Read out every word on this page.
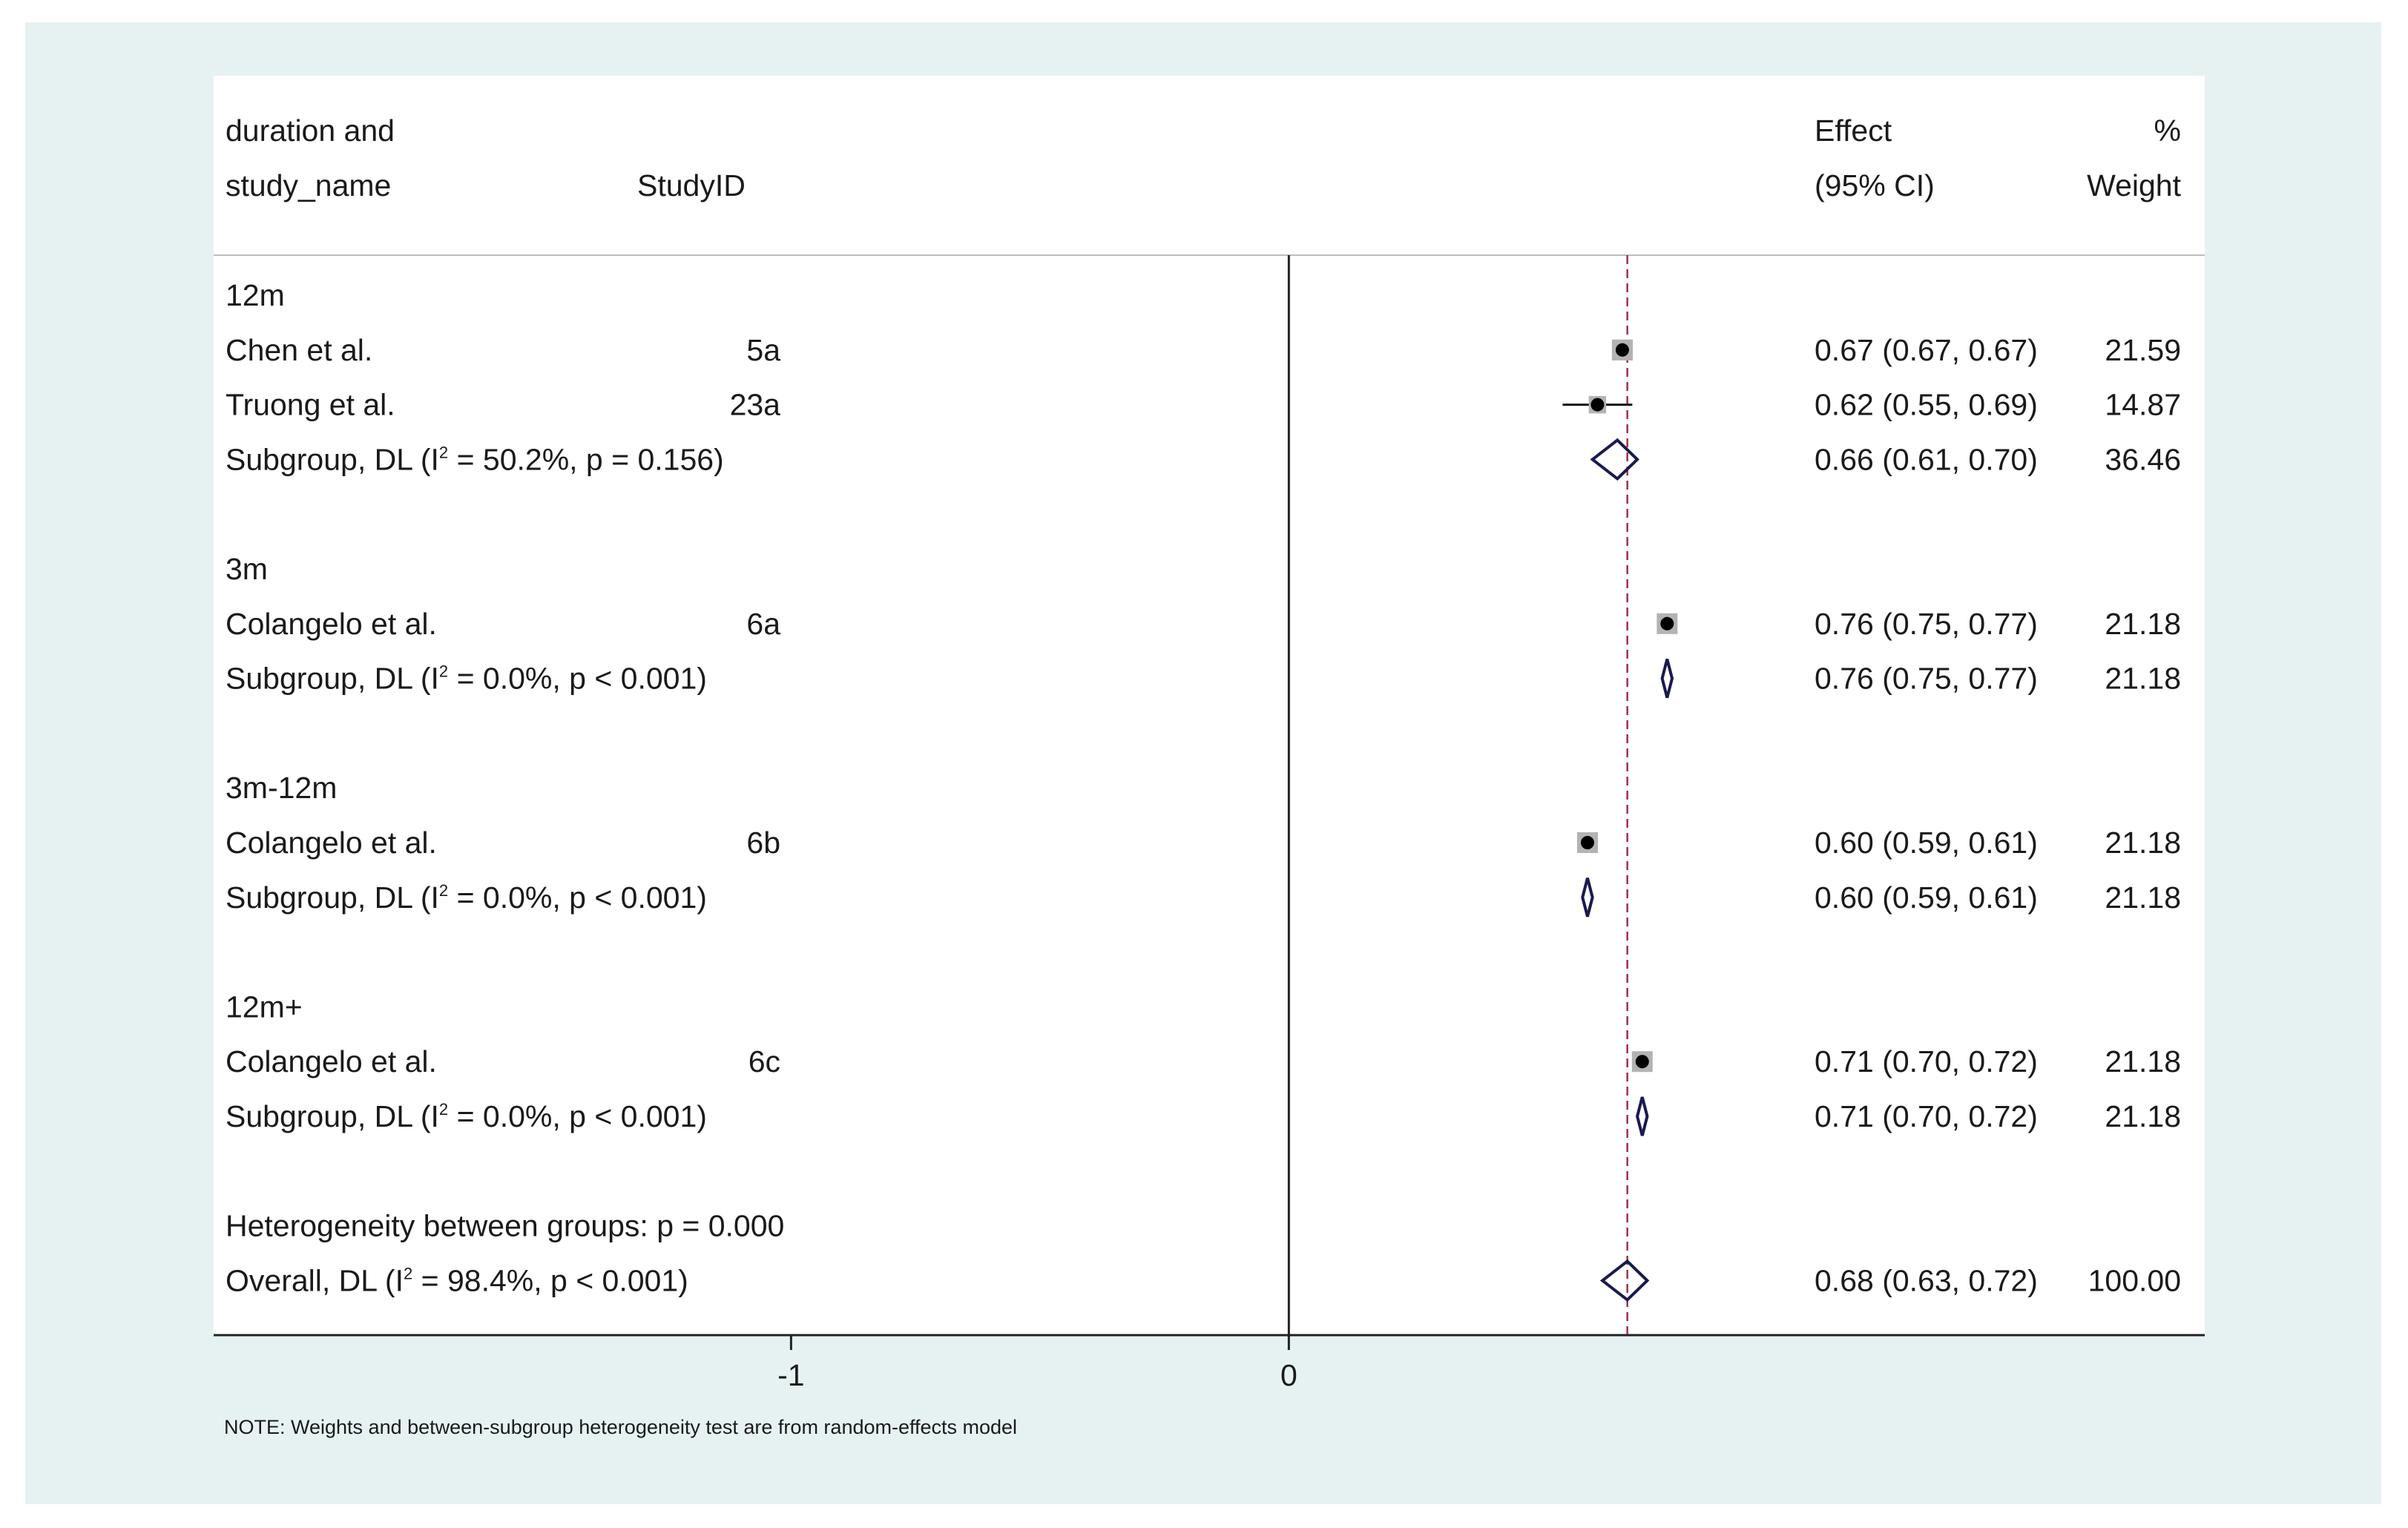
duration and
study_name	StudyID
Effect
(95% CI)
%
Weight
12m
Chen et al.	5a	0.67 (0.67, 0.67) 21.59
Truong et al.	23a	0.62 (0.55, 0.69) 14.87
Subgroup, DL ($I^2 = 50.2\%$, p = 0.156)	0.66 (0.61, 0.70) 36.46
3m
Colangelo et al.	6a	0.76 (0.75, 0.77) 21.18
Subgroup, DL ($I^2 = 0.0\%$, p < 0.001)	0.76 (0.75, 0.77) 21.18
3m-12m
Colangelo et al.	6b	0.60 (0.59, 0.61) 21.18
Subgroup, DL ($I^2 = 0.0\%$, p < 0.001)	0.60 (0.59, 0.61) 21.18
12m+
Colangelo et al.	6c	0.71 (0.70, 0.72) 21.18
Subgroup, DL ($I^2 = 0.0\%$, p < 0.001)	0.71 (0.70, 0.72) 21.18
Heterogeneity between groups: p = 0.000
Overall, DL ($I^2 = 98.4\%$, p < 0.001)	0.68 (0.63, 0.72) 100.00
-1	0
NOTE: Weights and between-subgroup heterogeneity test are from random-effects model
